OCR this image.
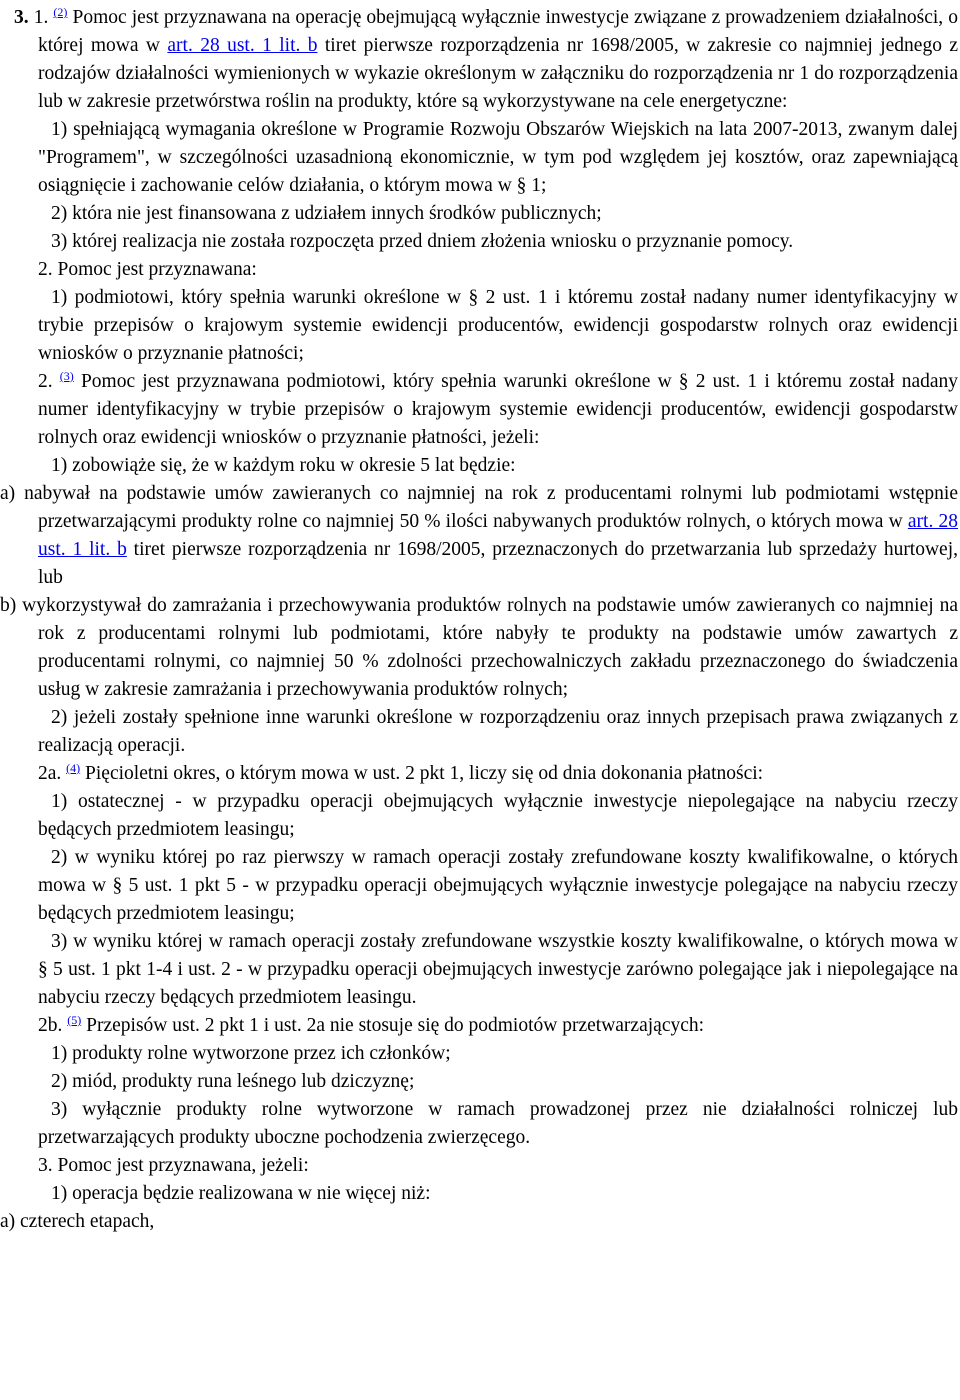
3. 1. $^{(2)}$ Pomoc jest przyznawana na operację obejmującą wyłącznie inwestycje związane z prowadzeniem działalności, o której mowa w art. 28 ust. 1 lit. b tiret pierwsze rozporządzenia nr 1698/2005, w zakresie co najmniej jednego z rodzajów działalności wymienionych w wykazie określonym w załączniku do rozporządzenia nr 1 do rozporządzenia lub w zakresie przetwórstwa roślin na produkty, które są wykorzystywane na cele energetyczne:

1) spełniającą wymagania określone w Programie Rozwoju Obszarów Wiejskich na lata 2007-2013, zwanym dalej "Programem", w szczególności uzasadnioną ekonomicznie, w tym pod względem jej kosztów, oraz zapewniającą osiągnięcie i zachowanie celów działania, o którym mowa w § 1;

2) która nie jest finansowana z udziałem innych środków publicznych;

3) której realizacja nie została rozpoczęta przed dniem złożenia wniosku o przyznanie pomocy.

2. Pomoc jest przyznawana:

1) podmiotowi, który spełnia warunki określone w § 2 ust. 1 i któremu został nadany numer identyfikacyjny w trybie przepisów o krajowym systemie ewidencji producentów, ewidencji gospodarstw rolnych oraz ewidencji wniosków o przyznanie płatności;

2. $^{(3)}$ Pomoc jest przyznawana podmiotowi, który spełnia warunki określone w § 2 ust. 1 i któremu został nadany numer identyfikacyjny w trybie przepisów o krajowym systemie ewidencji producentów, ewidencji gospodarstw rolnych oraz ewidencji wniosków o przyznanie płatności, jeżeli:

1) zobowiąże się, że w każdym roku w okresie 5 lat będzie:

a) nabywał na podstawie umów zawieranych co najmniej na rok z producentami rolnymi lub podmiotami wstępnie przetwarzającymi produkty rolne co najmniej 50 % ilości nabywanych produktów rolnych, o których mowa w art. 28 ust. 1 lit. b tiret pierwsze rozporządzenia nr 1698/2005, przeznaczonych do przetwarzania lub sprzedaży hurtowej, lub

b) wykorzystywał do zamrażania i przechowywania produktów rolnych na podstawie umów zawieranych co najmniej na rok z producentami rolnymi lub podmiotami, które nabyły te produkty na podstawie umów zawartych z producentami rolnymi, co najmniej 50 % zdolności przechowalniczych zakładu przeznaczonego do świadczenia usług w zakresie zamrażania i przechowywania produktów rolnych;

2) jeżeli zostały spełnione inne warunki określone w rozporządzeniu oraz innych przepisach prawa związanych z realizacją operacji.

2a. $^{(4)}$ Pięcioletni okres, o którym mowa w ust. 2 pkt 1, liczy się od dnia dokonania płatności:

1) ostatecznej - w przypadku operacji obejmujących wyłącznie inwestycje niepolegające na nabyciu rzeczy będących przedmiotem leasingu;

2) w wyniku której po raz pierwszy w ramach operacji zostały zrefundowane koszty kwalifikowalne, o których mowa w § 5 ust. 1 pkt 5 - w przypadku operacji obejmujących wyłącznie inwestycje polegające na nabyciu rzeczy będących przedmiotem leasingu;

3) w wyniku której w ramach operacji zostały zrefundowane wszystkie koszty kwalifikowalne, o których mowa w § 5 ust. 1 pkt 1-4 i ust. 2 - w przypadku operacji obejmujących inwestycje zarówno polegające jak i niepolegające na nabyciu rzeczy będących przedmiotem leasingu.

2b. $^{(5)}$ Przepisów ust. 2 pkt 1 i ust. 2a nie stosuje się do podmiotów przetwarzających:

1) produkty rolne wytworzone przez ich członków;

2) miód, produkty runa leśnego lub dziczyznę;

3) wyłącznie produkty rolne wytworzone w ramach prowadzonej przez nie działalności rolniczej lub przetwarzających produkty uboczne pochodzenia zwierzęcego.

3. Pomoc jest przyznawana, jeżeli:

1) operacja będzie realizowana w nie więcej niż:

a) czterech etapach,
